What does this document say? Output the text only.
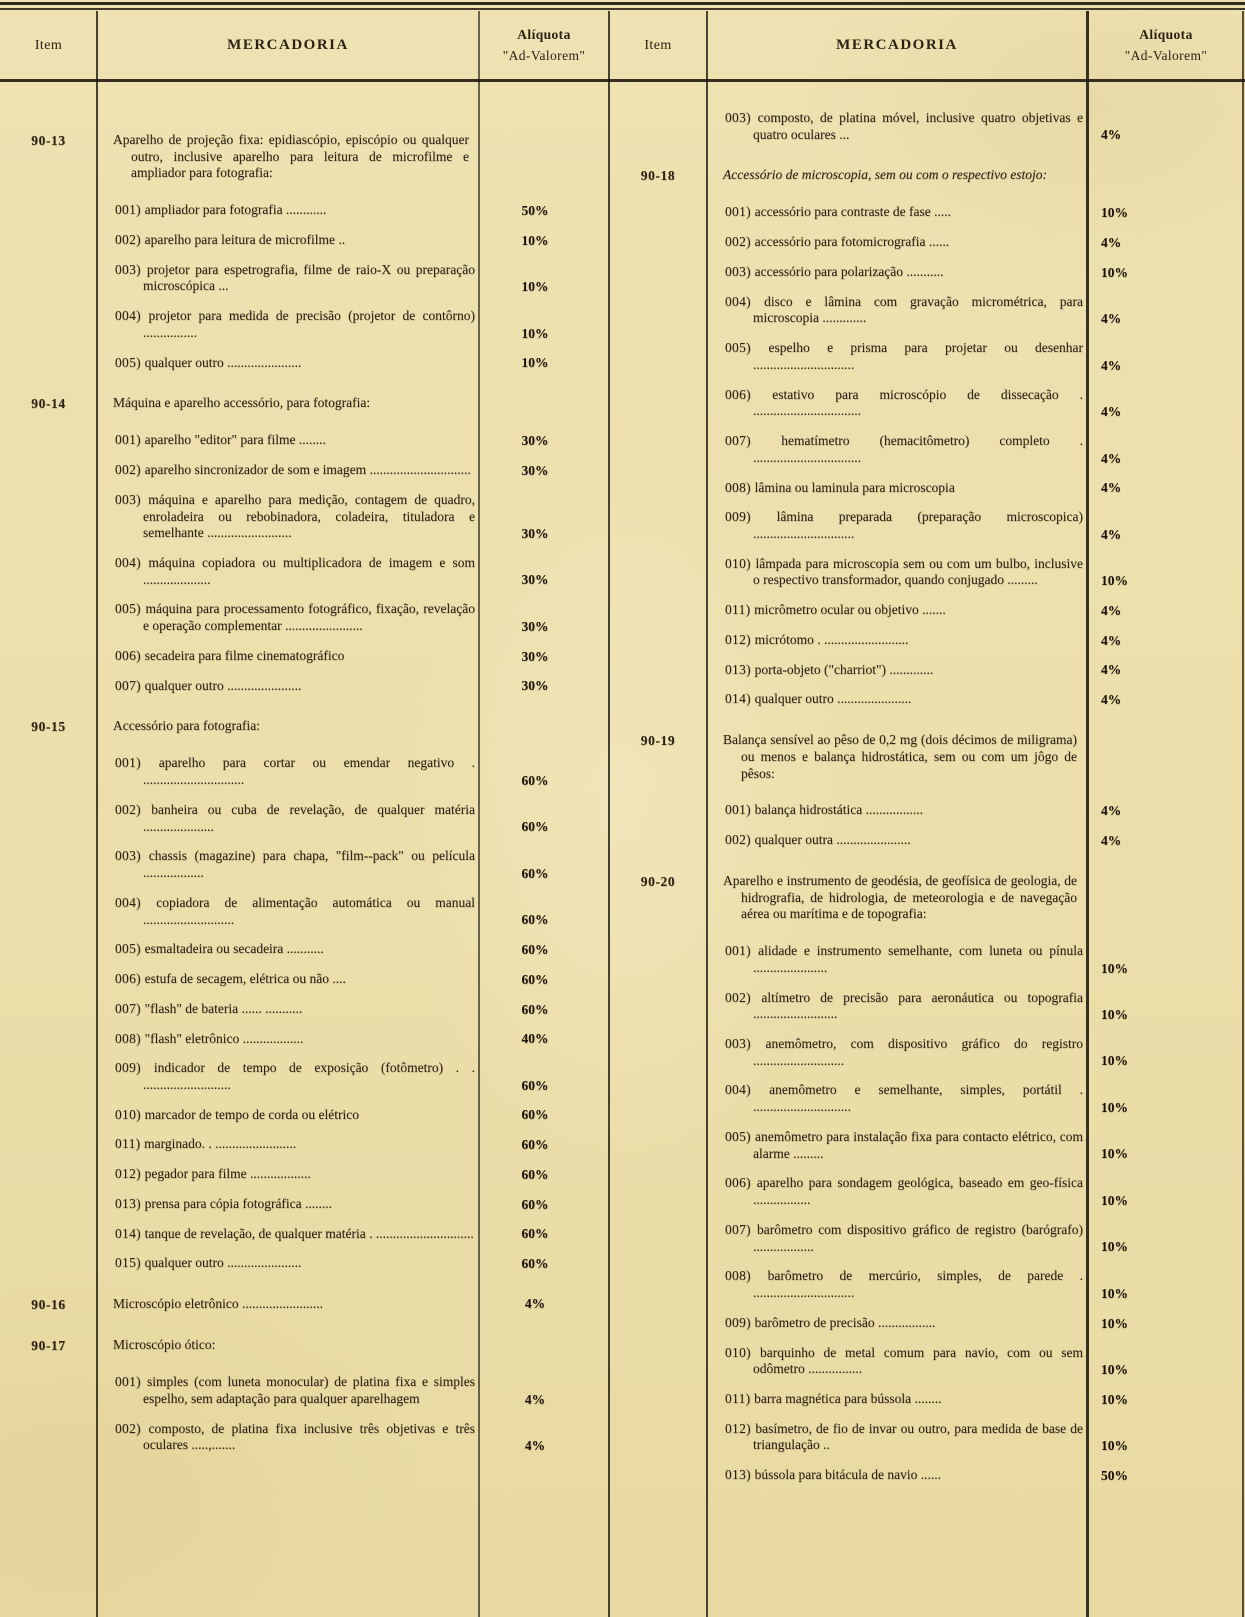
Item	MERCADORIA
Alíquota
"Ad-Valorem"
90-13	Aparelho de projeção fixa: epidiascópio, episcópio ou qualquer outro, inclusive aparelho para leitura de microfilme e ampliador para fotografia:
001) ampliador para fotografia ............	50%
002) aparelho para leitura de microfilme ..	10%
003) projetor para espetrografia, filme de raio-X ou preparação microscópica ...	10%
004) projetor para medida de precisão (projetor de contôrno) ................	10%
005) qualquer outro ......................	10%
90-14	Máquina e aparelho accessório, para fotografia:
001) aparelho "editor" para filme ........	30%
002) aparelho sincronizador de som e imagem ..............................	30%
003) máquina e aparelho para medição, contagem de quadro, enroladeira ou rebobinadora, coladeira, tituladora e semelhante .........................	30%
004) máquina copiadora ou multiplicadora de imagem e som ....................	30%
005) máquina para processamento fotográfico, fixação, revelação e operação complementar .......................	30%
006) secadeira para filme cinematográfico	30%
007) qualquer outro ......................	30%
90-15	Accessório para fotografia:
001) aparelho para cortar ou emendar negativo . ..............................	60%
002) banheira ou cuba de revelação, de qualquer matéria .....................	60%
003) chassis (magazine) para chapa, "film--pack" ou película ..................	60%
004) copiadora de alimentação automática ou manual ...........................	60%
005) esmaltadeira ou secadeira ...........	60%
006) estufa de secagem, elétrica ou não ....	60%
007) "flash" de bateria ...... ...........	60%
008) "flash" eletrônico ..................	40%
009) indicador de tempo de exposição (fotômetro) . . ..........................	60%
010) marcador de tempo de corda ou elétrico	60%
011) marginado. . ........................	60%
012) pegador para filme ..................	60%
013) prensa para cópia fotográfica ........	60%
014) tanque de revelação, de qualquer matéria . .............................	60%
015) qualquer outro ......................	60%
90-16	Microscópio eletrônico ........................	4%
90-17	Microscópio ótico:
001) simples (com luneta monocular) de platina fixa e simples espelho, sem adaptação para qualquer aparelhagem	4%
002) composto, de platina fixa inclusive três objetivas e três oculares .....,.......	4%
Item	MERCADORIA
Alíquota
"Ad-Valorem"
003) composto, de platina móvel, inclusive quatro objetivas e quatro oculares ...	4%
90-18	Accessório de microscopia, sem ou com o respectivo estojo:
001) accessório para contraste de fase .....	10%
002) accessório para fotomicrografia ......	4%
003) accessório para polarização ...........	10%
004) disco e lâmina com gravação micrométrica, para microscopia .............	4%
005) espelho e prisma para projetar ou desenhar ..............................	4%
006) estativo para microscópio de dissecação . ................................	4%
007) hematímetro (hemacitômetro) completo . ................................	4%
008) lâmina ou laminula para microscopia	4%
009) lâmina preparada (preparação microscopica) ..............................	4%
010) lâmpada para microscopia sem ou com um bulbo, inclusive o respectivo transformador, quando conjugado .........	10%
011) micrômetro ocular ou objetivo .......	4%
012) micrótomo . .........................	4%
013) porta-objeto ("charriot") .............	4%
014) qualquer outro ......................	4%
90-19	Balança sensível ao pêso de 0,2 mg (dois décimos de miligrama) ou menos e balança hidrostática, sem ou com um jôgo de pêsos:
001) balança hidrostática .................	4%
002) qualquer outra ......................	4%
90-20	Aparelho e instrumento de geodésia, de geofísica de geologia, de hidrografia, de hidrologia, de meteorologia e de navegação aérea ou marítima e de topografia:
001) alidade e instrumento semelhante, com luneta ou pínula ......................	10%
002) altímetro de precisão para aeronáutica ou topografia .........................	10%
003) anemômetro, com dispositivo gráfico do registro ...........................	10%
004) anemômetro e semelhante, simples, portátil . .............................	10%
005) anemômetro para instalação fixa para contacto elétrico, com alarme .........	10%
006) aparelho para sondagem geológica, baseado em geo-física .................	10%
007) barômetro com dispositivo gráfico de registro (barógrafo) ..................	10%
008) barômetro de mercúrio, simples, de parede . ..............................	10%
009) barômetro de precisão .................	10%
010) barquinho de metal comum para navio, com ou sem odômetro ................	10%
011) barra magnética para bússola ........	10%
012) basímetro, de fio de invar ou outro, para medida de base de triangulação ..	10%
013) bússola para bitácula de navio ......	50%
